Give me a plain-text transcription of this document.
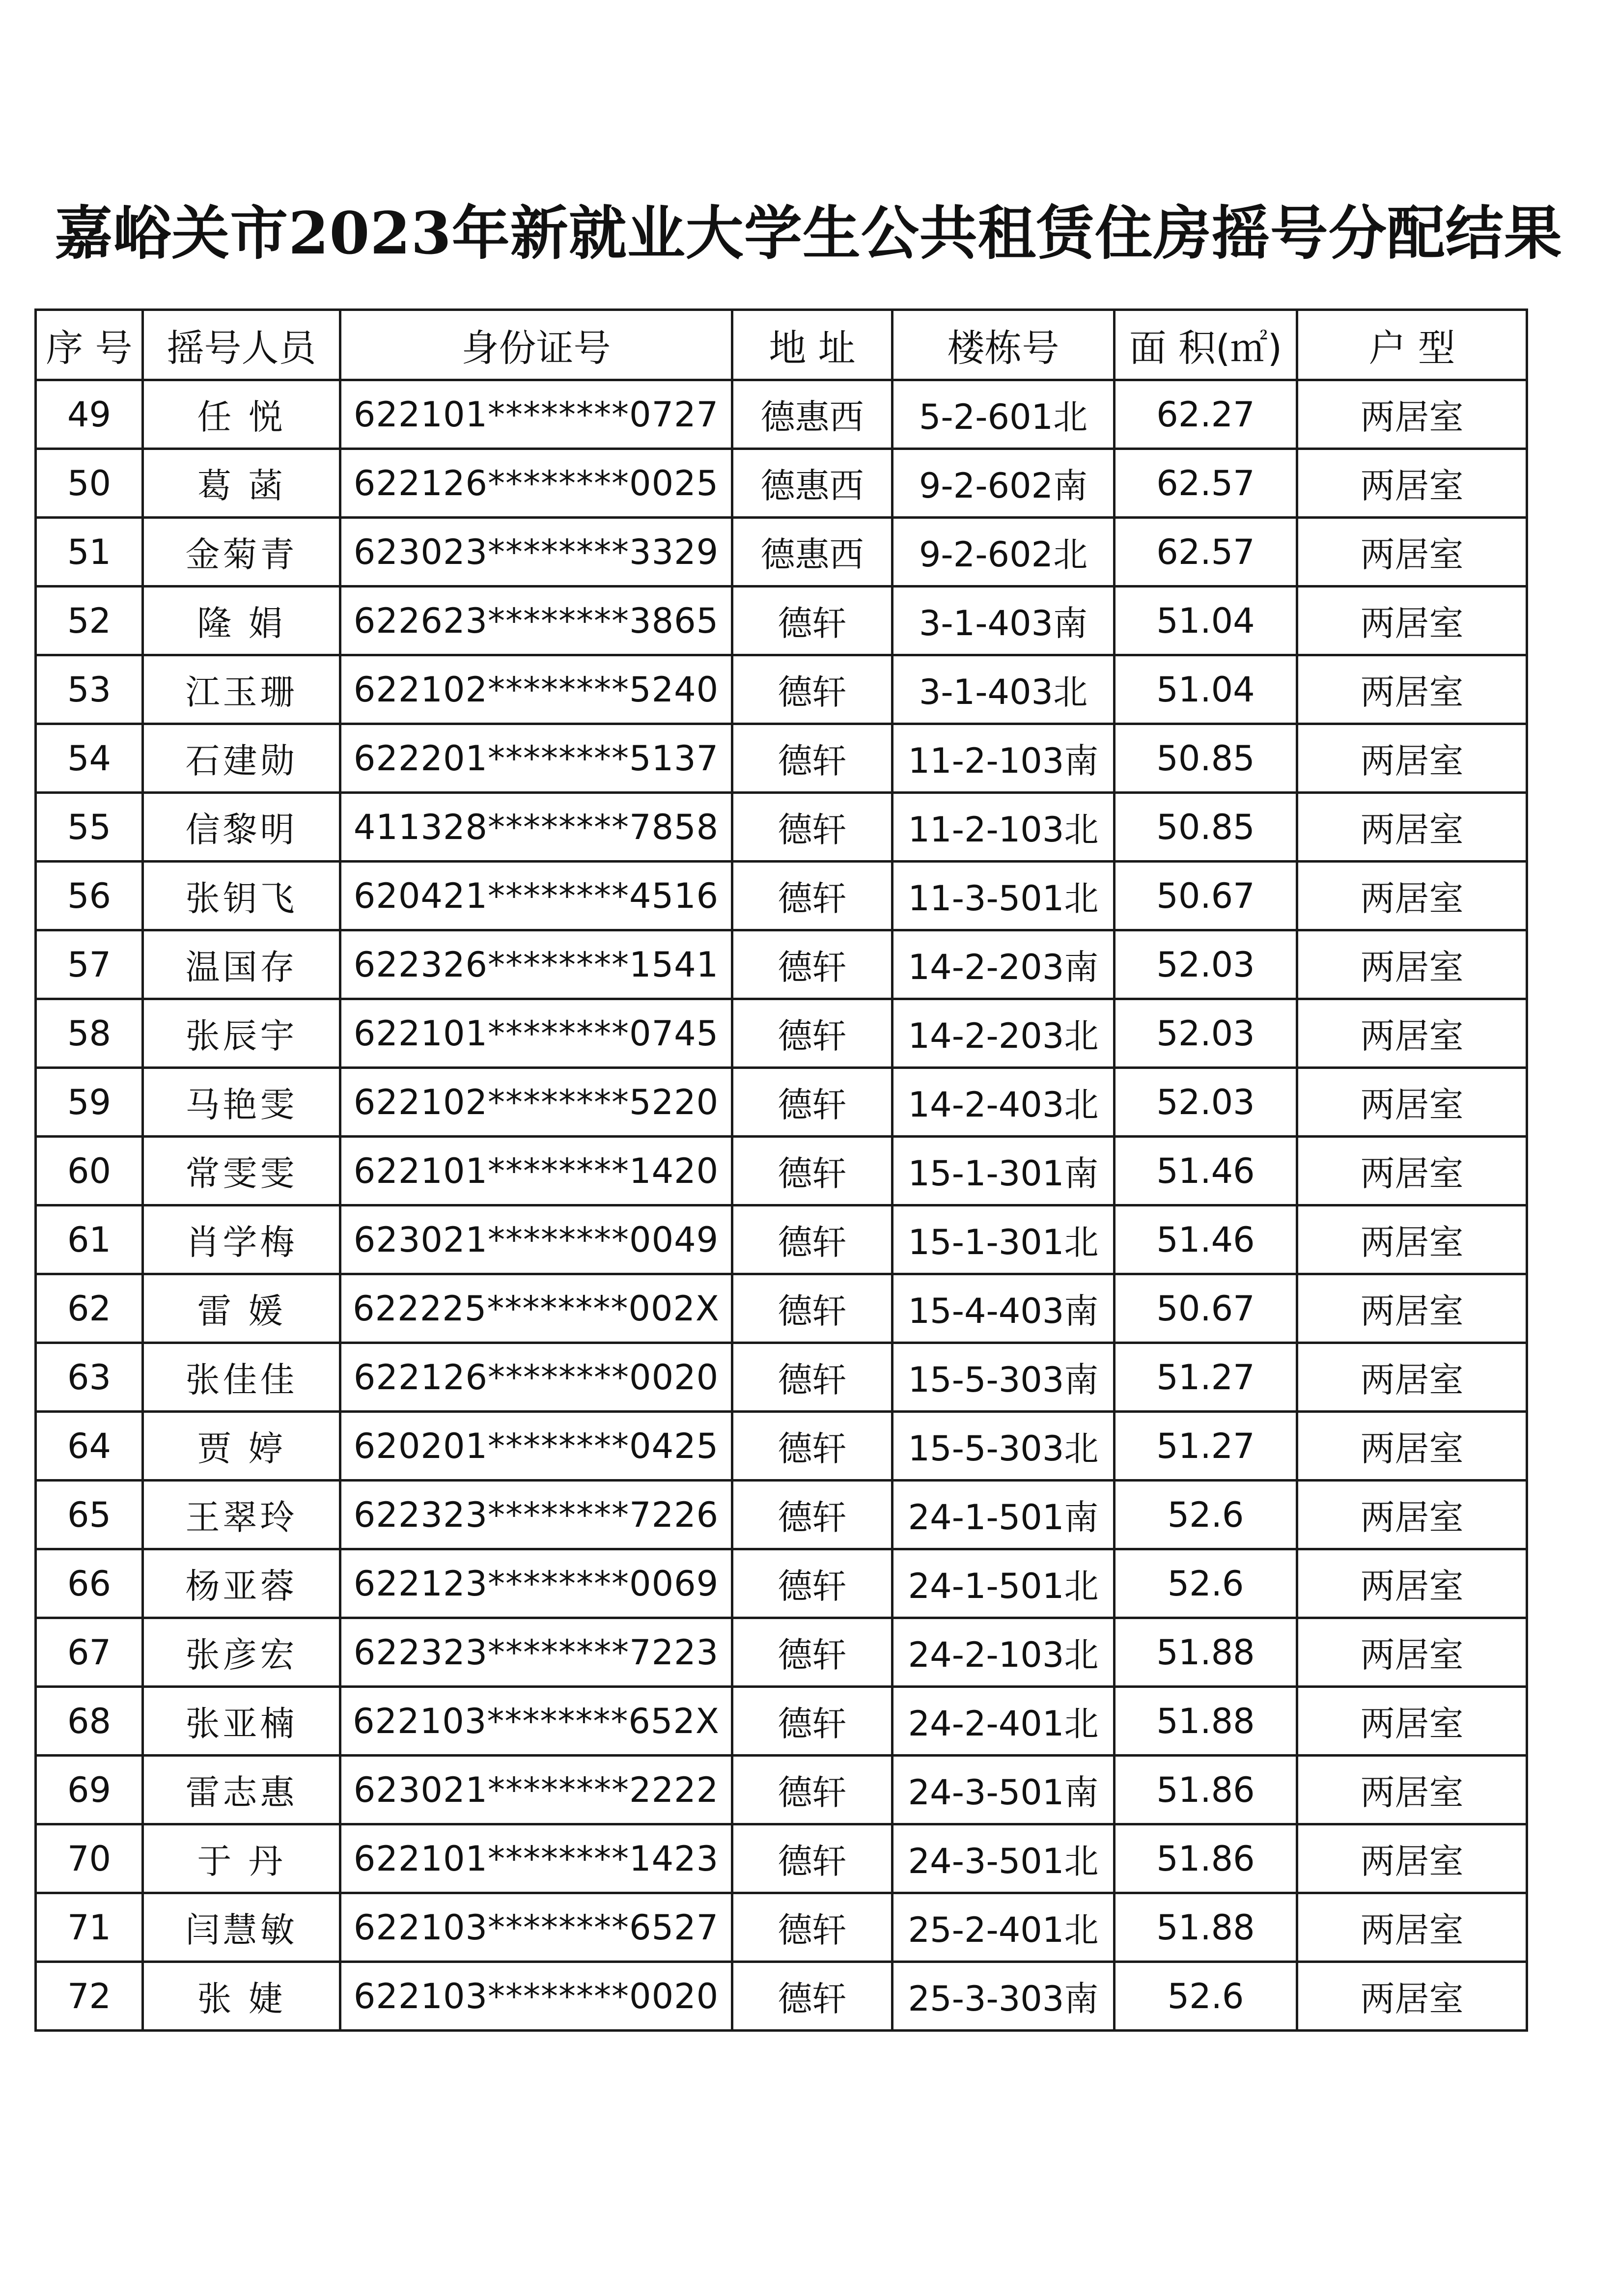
嘉峪关市2023年新就业大学生公共租赁住房摇号分配结果
序 号	摇号人员	身份证号	地 址	楼栋号	面 积(㎡)	户 型
49	任 悦	622101********0727	德惠西	5-2-601北	62.27	两居室
50	葛 菡	622126********0025	德惠西	9-2-602南	62.57	两居室
51	金菊青	623023********3329	德惠西	9-2-602北	62.57	两居室
52	隆 娟	622623********3865	德轩	3-1-403南	51.04	两居室
53	江玉珊	622102********5240	德轩	3-1-403北	51.04	两居室
54	石建勋	622201********5137	德轩	11-2-103南	50.85	两居室
55	信黎明	411328********7858	德轩	11-2-103北	50.85	两居室
56	张钥飞	620421********4516	德轩	11-3-501北	50.67	两居室
57	温国存	622326********1541	德轩	14-2-203南	52.03	两居室
58	张辰宇	622101********0745	德轩	14-2-203北	52.03	两居室
59	马艳雯	622102********5220	德轩	14-2-403北	52.03	两居室
60	常雯雯	622101********1420	德轩	15-1-301南	51.46	两居室
61	肖学梅	623021********0049	德轩	15-1-301北	51.46	两居室
62	雷 媛	622225********002X	德轩	15-4-403南	50.67	两居室
63	张佳佳	622126********0020	德轩	15-5-303南	51.27	两居室
64	贾 婷	620201********0425	德轩	15-5-303北	51.27	两居室
65	王翠玲	622323********7226	德轩	24-1-501南	52.6	两居室
66	杨亚蓉	622123********0069	德轩	24-1-501北	52.6	两居室
67	张彦宏	622323********7223	德轩	24-2-103北	51.88	两居室
68	张亚楠	622103********652X	德轩	24-2-401北	51.88	两居室
69	雷志惠	623021********2222	德轩	24-3-501南	51.86	两居室
70	于 丹	622101********1423	德轩	24-3-501北	51.86	两居室
71	闫慧敏	622103********6527	德轩	25-2-401北	51.88	两居室
72	张 婕	622103********0020	德轩	25-3-303南	52.6	两居室
